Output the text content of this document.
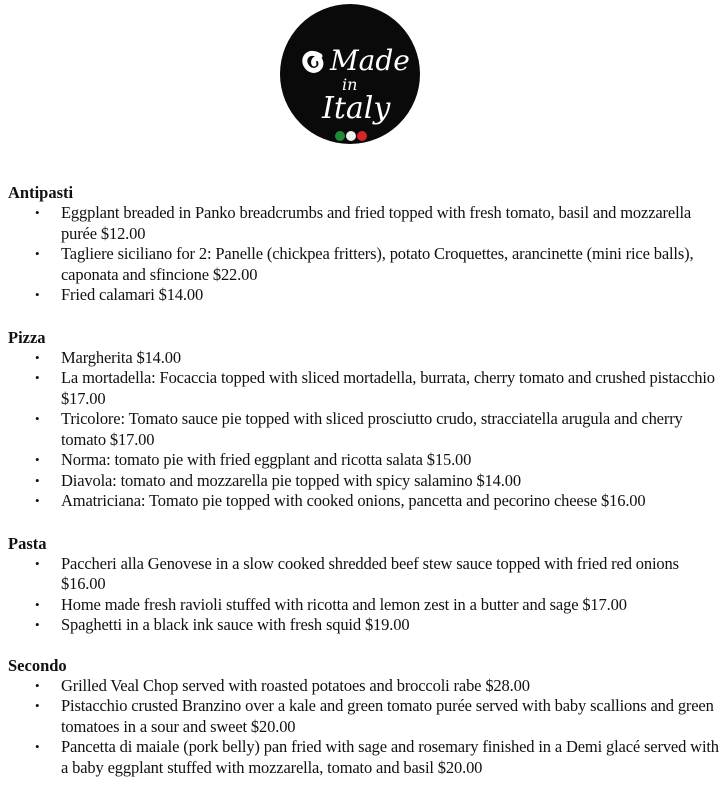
Made
in
Italy
Antipasti
• Eggplant breaded in Panko breadcrumbs and fried topped with fresh tomato, basil and mozzarella purée $12.00
• Tagliere siciliano for 2: Panelle (chickpea fritters), potato Croquettes, arancinette (mini rice balls), caponata and sfincione $22.00
• Fried calamari $14.00
Pizza
• Margherita $14.00
• La mortadella: Focaccia topped with sliced mortadella, burrata, cherry tomato and crushed pistacchio $17.00
• Tricolore: Tomato sauce pie topped with sliced prosciutto crudo, stracciatella arugula and cherry tomato $17.00
• Norma: tomato pie with fried eggplant and ricotta salata $15.00
• Diavola: tomato and mozzarella pie topped with spicy salamino $14.00
• Amatriciana: Tomato pie topped with cooked onions, pancetta and pecorino cheese $16.00
Pasta
• Paccheri alla Genovese in a slow cooked shredded beef stew sauce topped with fried red onions $16.00
• Home made fresh ravioli stuffed with ricotta and lemon zest in a butter and sage $17.00
• Spaghetti in a black ink sauce with fresh squid $19.00
Secondo
• Grilled Veal Chop served with roasted potatoes and broccoli rabe $28.00
• Pistacchio crusted Branzino over a kale and green tomato purée served with baby scallions and green tomatoes in a sour and sweet $20.00
• Pancetta di maiale (pork belly) pan fried with sage and rosemary finished in a Demi glacé served with a baby eggplant stuffed with mozzarella, tomato and basil $20.00
